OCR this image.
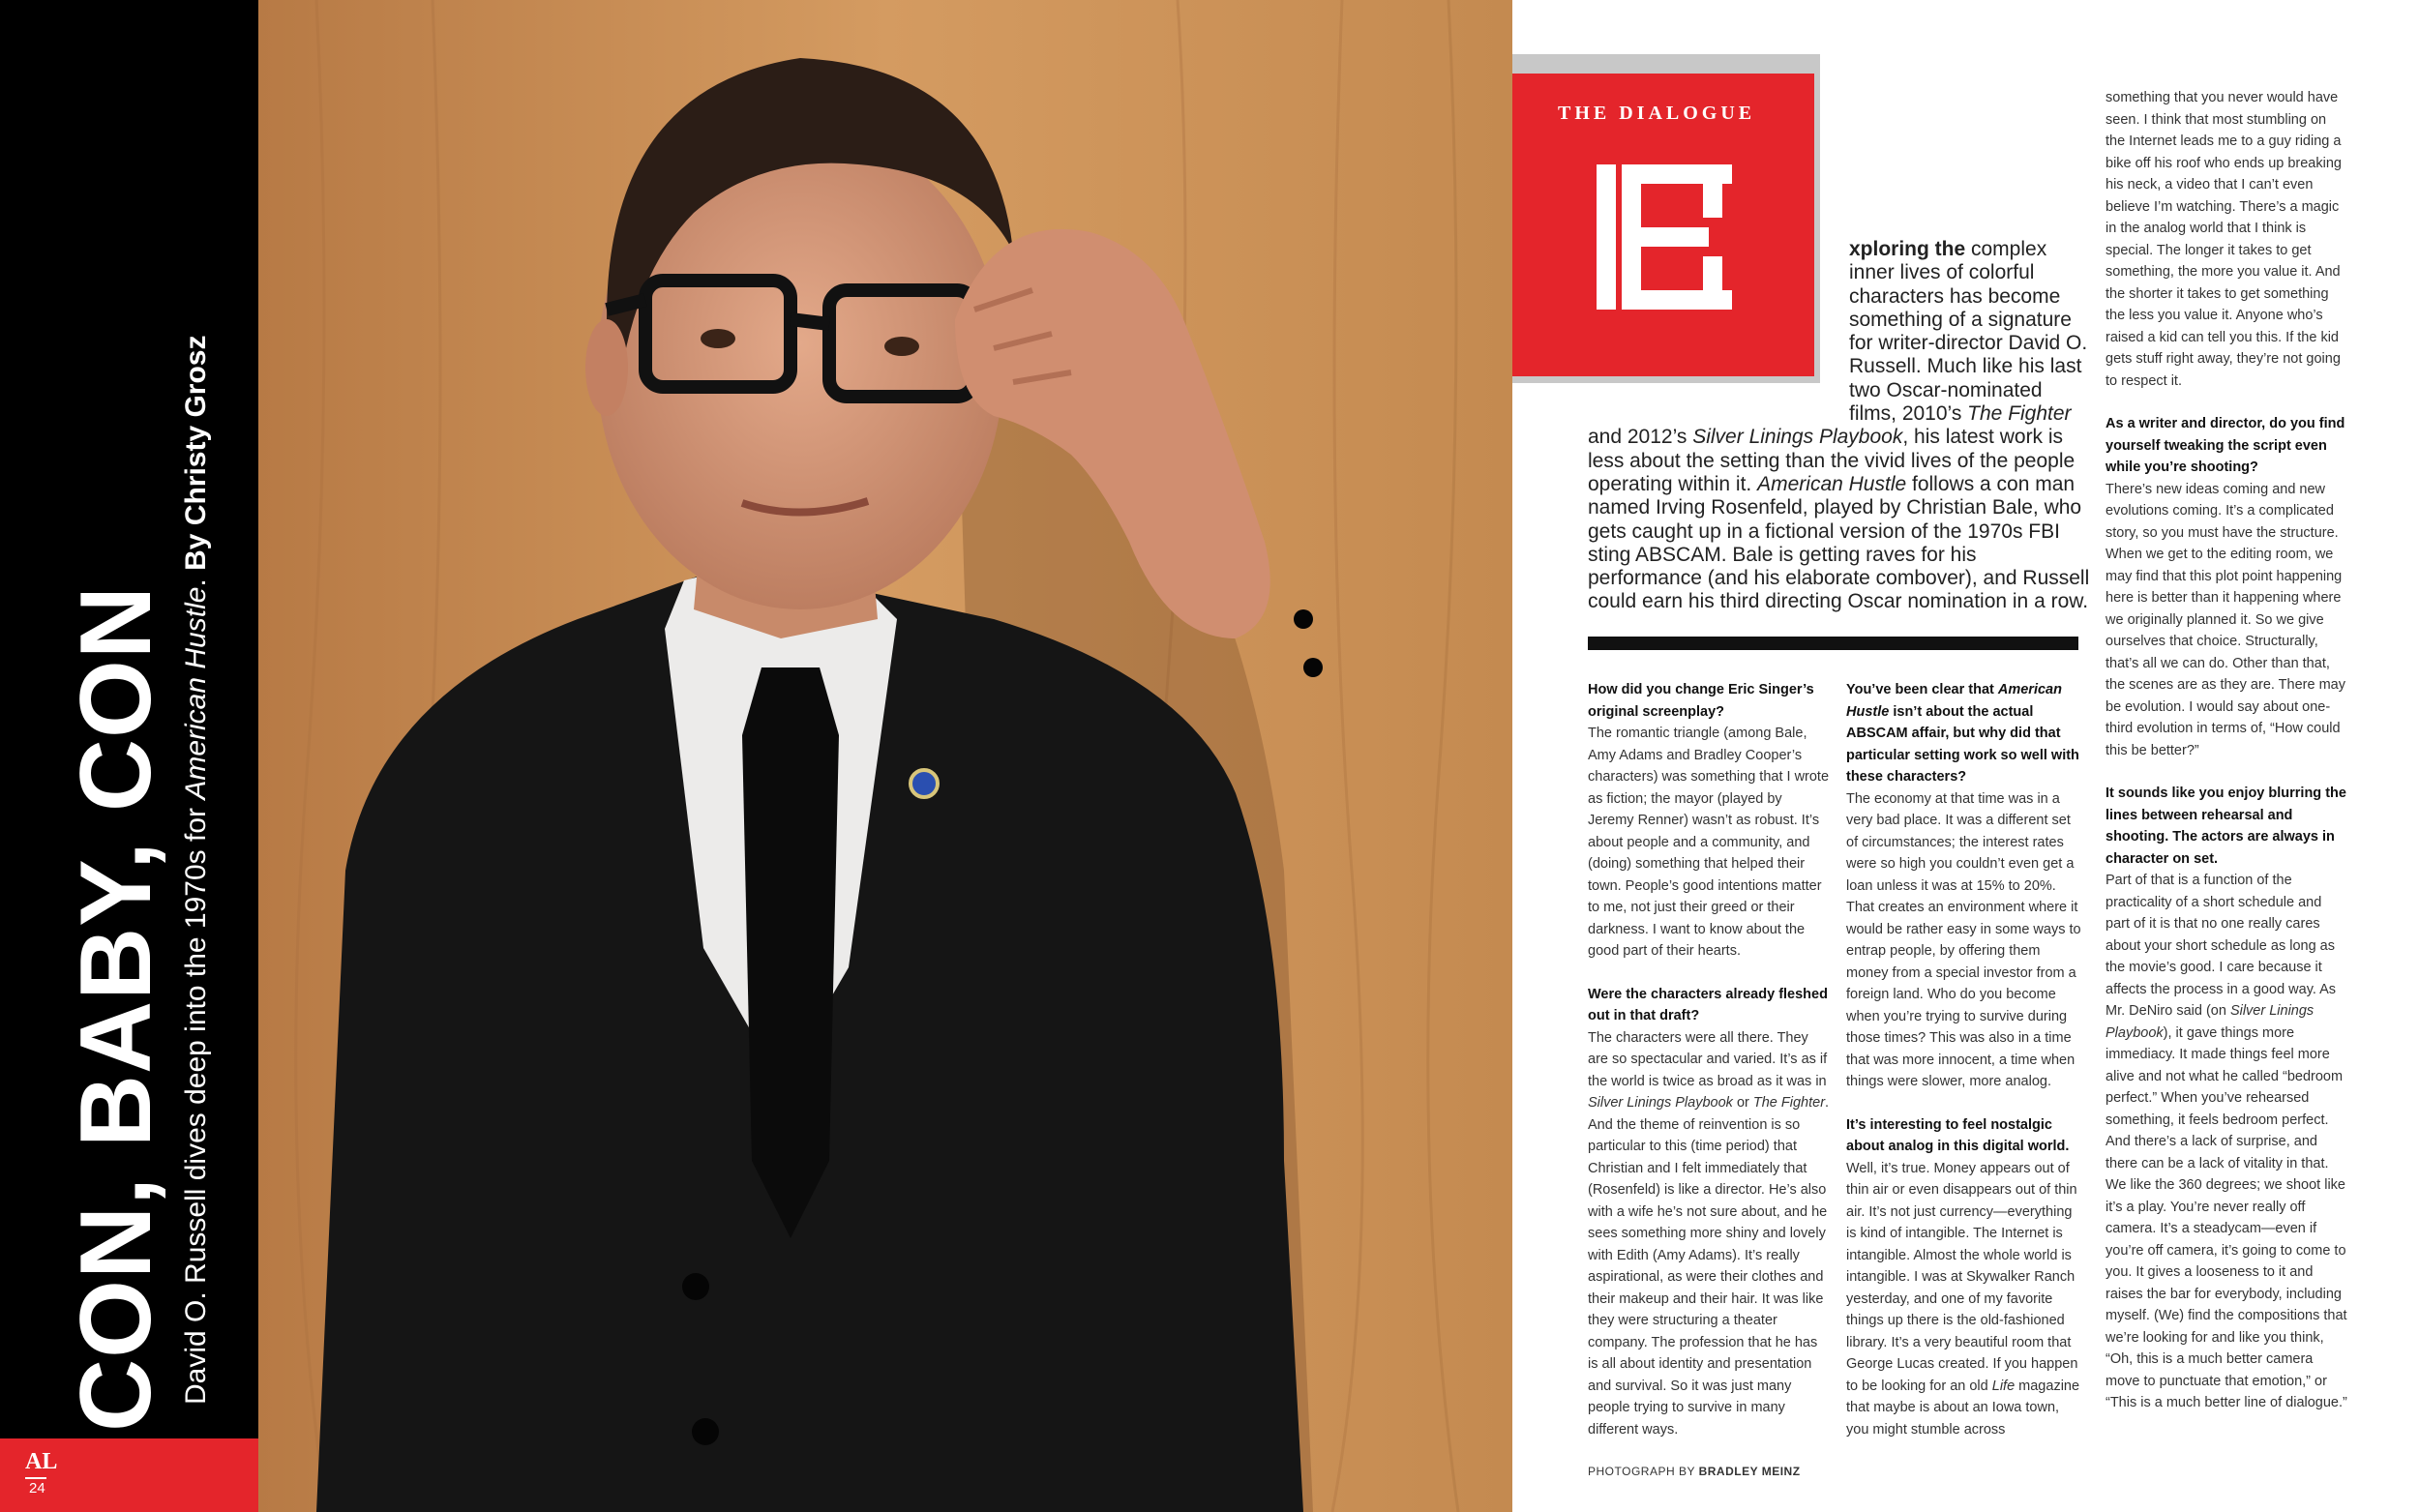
AL
24
CON, BABY, CON David O. Russell dives deep into the 1970s for American Hustle. By Christy Grosz
THE DIALOGUE
xploring the complex inner lives of colorful characters has become something of a signature for writer-director David O. Russell. Much like his last two Oscar-nominated films, 2010’s The Fighter and 2012’s Silver Linings Playbook, his latest work is less about the setting than the vivid lives of the people operating within it. American Hustle follows a con man named Irving Rosenfeld, played by Christian Bale, who gets caught up in a fictional version of the 1970s FBI sting ABSCAM. Bale is getting raves for his performance (and his elaborate combover), and Russell could earn his third directing Oscar nomination in a row.

How did you change Eric Singer’s original screenplay?

The romantic triangle (among Bale, Amy Adams and Bradley Cooper’s characters) was something that I wrote as fiction; the mayor (played by Jeremy Renner) wasn’t as robust. It’s about people and a community, and (doing) something that helped their town. People’s good intentions matter to me, not just their greed or their darkness. I want to know about the good part of their hearts.

Were the characters already fleshed out in that draft?

The characters were all there. They are so spectacular and varied. It’s as if the world is twice as broad as it was in Silver Linings Playbook or The Fighter. And the theme of reinvention is so particular to this (time period) that Christian and I felt immediately that (Rosenfeld) is like a director. He’s also with a wife he’s not sure about, and he sees something more shiny and lovely with Edith (Amy Adams). It’s really aspirational, as were their clothes and their makeup and their hair. It was like they were structuring a theater company. The profession that he has is all about identity and presentation and survival. So it was just many people trying to survive in many different ways.

You’ve been clear that American Hustle isn’t about the actual ABSCAM affair, but why did that particular setting work so well with these characters?

The economy at that time was in a very bad place. It was a different set of circumstances; the interest rates were so high you couldn’t even get a loan unless it was at 15% to 20%. That creates an environment where it would be rather easy in some ways to entrap people, by offering them money from a special investor from a foreign land. Who do you become when you’re trying to survive during those times? This was also in a time that was more innocent, a time when things were slower, more analog.

It’s interesting to feel nostalgic about analog in this digital world.

Well, it’s true. Money appears out of thin air or even disappears out of thin air. It’s not just currency—everything is kind of intangible. The Internet is intangible. Almost the whole world is intangible. I was at Skywalker Ranch yesterday, and one of my favorite things up there is the old-fashioned library. It’s a very beautiful room that George Lucas created. If you happen to be looking for an old Life magazine that maybe is about an Iowa town, you might stumble across

something that you never would have seen. I think that most stumbling on the Internet leads me to a guy riding a bike off his roof who ends up breaking his neck, a video that I can’t even believe I’m watching. There’s a magic in the analog world that I think is special. The longer it takes to get something, the more you value it. And the shorter it takes to get something the less you value it. Anyone who’s raised a kid can tell you this. If the kid gets stuff right away, they’re not going to respect it.

As a writer and director, do you find yourself tweaking the script even while you’re shooting?

There’s new ideas coming and new evolutions coming. It’s a complicated story, so you must have the structure. When we get to the editing room, we may find that this plot point happening here is better than it happening where we originally planned it. So we give ourselves that choice. Structurally, that’s all we can do. Other than that, the scenes are as they are. There may be evolution. I would say about one-third evolution in terms of, “How could this be better?”

It sounds like you enjoy blurring the lines between rehearsal and shooting. The actors are always in character on set.

Part of that is a function of the practicality of a short schedule and part of it is that no one really cares about your short schedule as long as the movie’s good. I care because it affects the process in a good way. As Mr. DeNiro said (on Silver Linings Playbook), it gave things more immediacy. It made things feel more alive and not what he called “bedroom perfect.” When you’ve rehearsed something, it feels bedroom perfect. And there’s a lack of surprise, and there can be a lack of vitality in that. We like the 360 degrees; we shoot like it’s a play. You’re never really off camera. It’s a steadycam—even if you’re off camera, it’s going to come to you. It gives a looseness to it and raises the bar for everybody, including myself. (We) find the compositions that we’re looking for and like you think, “Oh, this is a much better camera move to punctuate that emotion,” or “This is a much better line of dialogue.”

PHOTOGRAPH BY BRADLEY MEINZ
